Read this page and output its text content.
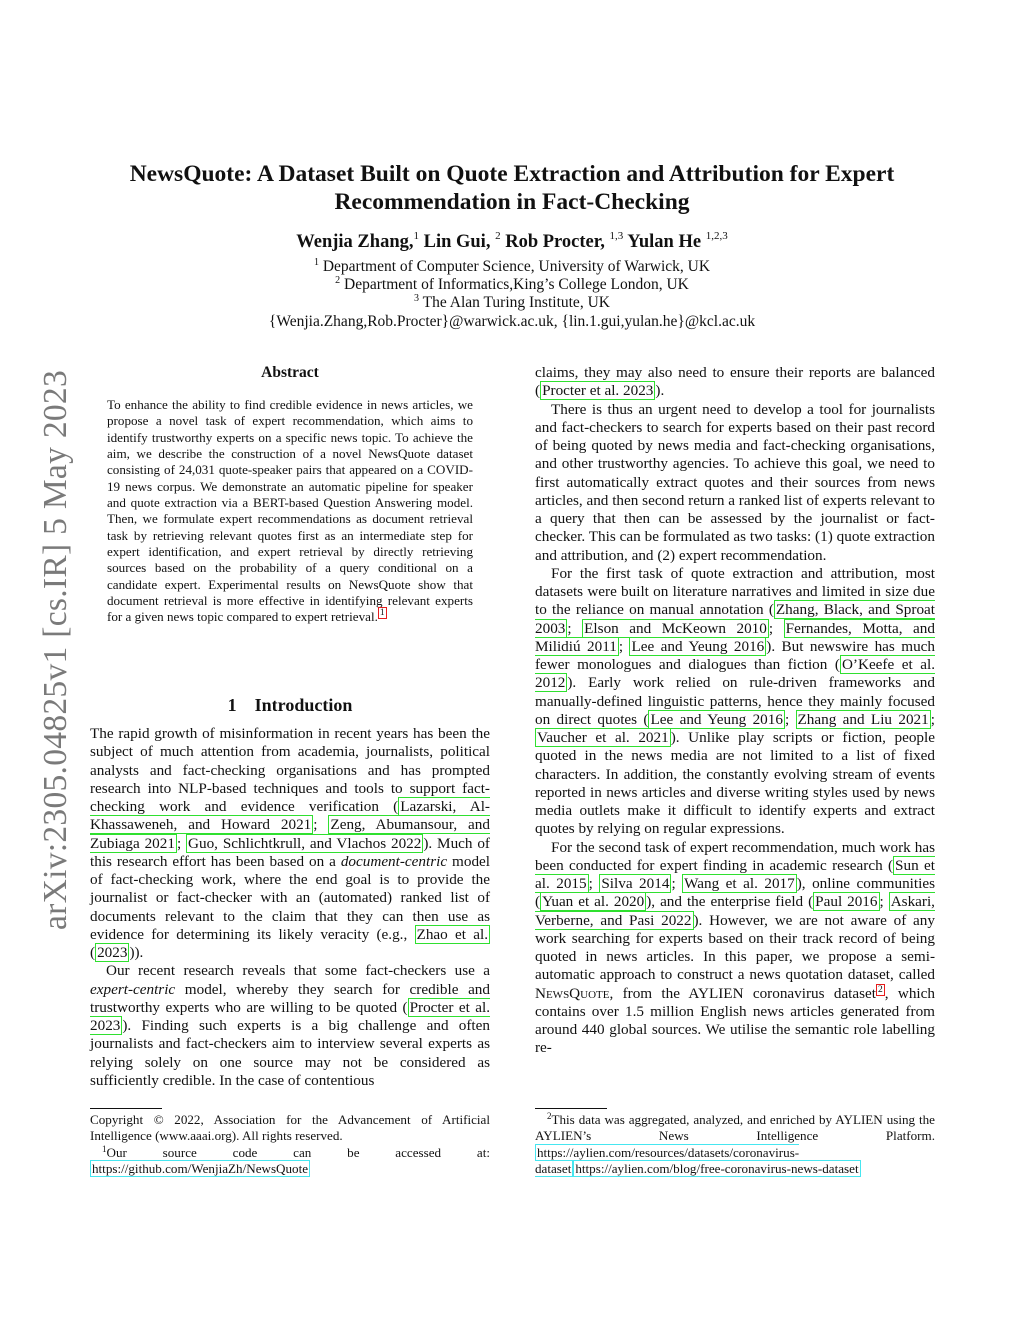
arXiv:2305.04825v1 [cs.IR] 5 May 2023
NewsQuote: A Dataset Built on Quote Extraction and Attribution for Expert
Recommendation in Fact-Checking
Wenjia Zhang,$^1$ Lin Gui, $^2$ Rob Procter, $^{1,3}$ Yulan He $^{1,2,3}$
$^1$ Department of Computer Science, University of Warwick, UK
$^2$ Department of Informatics,King’s College London, UK
$^3$ The Alan Turing Institute, UK
{Wenjia.Zhang,Rob.Procter}@warwick.ac.uk, {lin.1.gui,yulan.he}@kcl.ac.uk
Abstract
To enhance the ability to find credible evidence in news articles, we propose a novel task of expert recommendation, which aims to identify trustworthy experts on a specific news topic. To achieve the aim, we describe the construction of a novel NewsQuote dataset consisting of 24,031 quote-speaker pairs that appeared on a COVID-19 news corpus. We demonstrate an automatic pipeline for speaker and quote extraction via a BERT-based Question Answering model. Then, we formulate expert recommendations as document retrieval task by retrieving relevant quotes first as an intermediate step for expert identification, and expert retrieval by directly retrieving sources based on the probability of a query conditional on a candidate expert. Experimental results on NewsQuote show that document retrieval is more effective in identifying relevant experts for a given news topic compared to expert retrieval. $^1$
1 Introduction

The rapid growth of misinformation in recent years has been the subject of much attention from academia, journalists, political analysts and fact-checking organisations and has prompted research into NLP-based techniques and tools to support fact-checking work and evidence verification ( Lazarski, Al-Khassaweneh, and Howard 2021 ; Zeng, Abumansour, and Zubiaga 2021 ; Guo, Schlichtkrull, and Vlachos 2022 ). Much of this research effort has been based on a document-centric model of fact-checking work, where the end goal is to provide the journalist or fact-checker with an (automated) ranked list of documents relevant to the claim that they can then use as evidence for determining its likely veracity (e.g., Zhao et al. ( 2023 )).

Our recent research reveals that some fact-checkers use a expert-centric model, whereby they search for credible and trustworthy experts who are willing to be quoted ( Procter et al. 2023 ). Finding such experts is a big challenge and often journalists and fact-checkers aim to interview several experts as relying solely on one source may not be considered as sufficiently credible. In the case of contentious

claims, they may also need to ensure their reports are balanced ( Procter et al. 2023 ).

There is thus an urgent need to develop a tool for journalists and fact-checkers to search for experts based on their past record of being quoted by news media and fact-checking organisations, and other trustworthy agencies. To achieve this goal, we need to first automatically extract quotes and their sources from news articles, and then second return a ranked list of experts relevant to a query that then can be assessed by the journalist or fact-checker. This can be formulated as two tasks: (1) quote extraction and attribution, and (2) expert recommendation.

For the first task of quote extraction and attribution, most datasets were built on literature narratives and limited in size due to the reliance on manual annotation ( Zhang, Black, and Sproat 2003 ; Elson and McKeown 2010 ; Fernandes, Motta, and Milidiú 2011 ; Lee and Yeung 2016 ). But newswire has much fewer monologues and dialogues than fiction ( O’Keefe et al. 2012 ). Early work relied on rule-driven frameworks and manually-defined linguistic patterns, hence they mainly focused on direct quotes ( Lee and Yeung 2016 ; Zhang and Liu 2021 ; Vaucher et al. 2021 ). Unlike play scripts or fiction, people quoted in the news media are not limited to a list of fixed characters. In addition, the constantly evolving stream of events reported in news articles and diverse writing styles used by news media outlets make it difficult to identify experts and extract quotes by relying on regular expressions.

For the second task of expert recommendation, much work has been conducted for expert finding in academic research ( Sun et al. 2015 ; Silva 2014 ; Wang et al. 2017 ), online communities ( Yuan et al. 2020 ), and the enterprise field ( Paul 2016 ; Askari, Verberne, and Pasi 2022 ). However, we are not aware of any work searching for experts based on their track record of being quoted in news articles. In this paper, we propose a semi-automatic approach to construct a news quotation dataset, called NewsQuote, from the AYLIEN coronavirus dataset $^2$ , which contains over 1.5 million English news articles generated from around 440 global sources. We utilise the semantic role labelling re-

Copyright © 2022, Association for the Advancement of Artificial Intelligence (www.aaai.org). All rights reserved.
$^1$Our source code can be accessed at: https://github.com/WenjiaZh/NewsQuote
$^2$This data was aggregated, analyzed, and enriched by AYLIEN using the AYLIEN’s News Intelligence Platform. https://aylien.com/resources/datasets/coronavirus-dataset https://aylien.com/blog/free-coronavirus-news-dataset
